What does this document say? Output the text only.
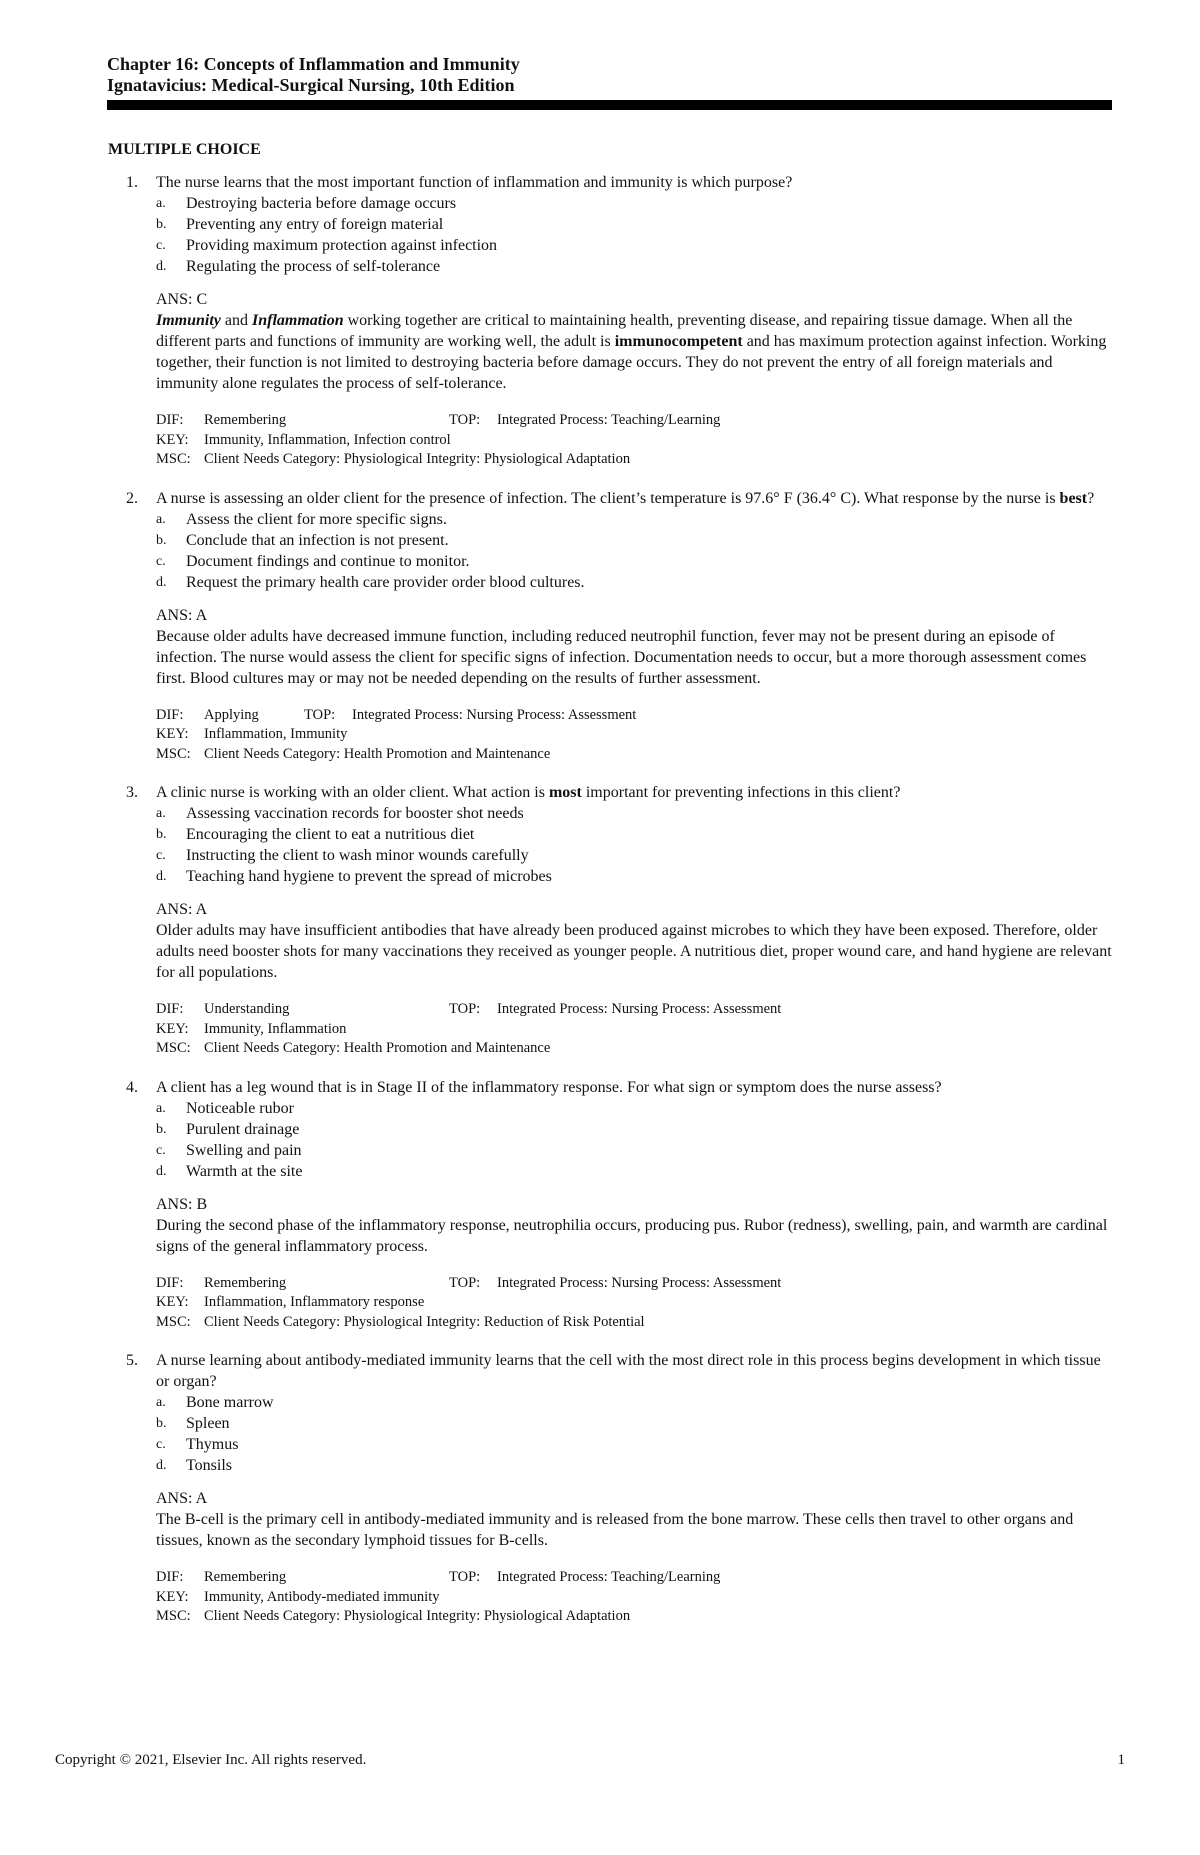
Chapter 16: Concepts of Inflammation and Immunity
Ignatavicius: Medical-Surgical Nursing, 10th Edition
MULTIPLE CHOICE
1. The nurse learns that the most important function of inflammation and immunity is which purpose?
a. Destroying bacteria before damage occurs
b. Preventing any entry of foreign material
c. Providing maximum protection against infection
d. Regulating the process of self-tolerance
ANS: C
Immunity and Inflammation working together are critical to maintaining health, preventing disease, and repairing tissue damage. When all the different parts and functions of immunity are working well, the adult is immunocompetent and has maximum protection against infection. Working together, their function is not limited to destroying bacteria before damage occurs. They do not prevent the entry of all foreign materials and immunity alone regulates the process of self-tolerance.
DIF: Remembering	TOP: Integrated Process: Teaching/Learning
KEY: Immunity, Inflammation, Infection control
MSC: Client Needs Category: Physiological Integrity: Physiological Adaptation
2. A nurse is assessing an older client for the presence of infection. The client’s temperature is 97.6° F (36.4° C). What response by the nurse is best?
a. Assess the client for more specific signs.
b. Conclude that an infection is not present.
c. Document findings and continue to monitor.
d. Request the primary health care provider order blood cultures.
ANS: A
Because older adults have decreased immune function, including reduced neutrophil function, fever may not be present during an episode of infection. The nurse would assess the client for specific signs of infection. Documentation needs to occur, but a more thorough assessment comes first. Blood cultures may or may not be needed depending on the results of further assessment.
DIF: Applying	TOP: Integrated Process: Nursing Process: Assessment
KEY: Inflammation, Immunity
MSC: Client Needs Category: Health Promotion and Maintenance
3. A clinic nurse is working with an older client. What action is most important for preventing infections in this client?
a. Assessing vaccination records for booster shot needs
b. Encouraging the client to eat a nutritious diet
c. Instructing the client to wash minor wounds carefully
d. Teaching hand hygiene to prevent the spread of microbes
ANS: A
Older adults may have insufficient antibodies that have already been produced against microbes to which they have been exposed. Therefore, older adults need booster shots for many vaccinations they received as younger people. A nutritious diet, proper wound care, and hand hygiene are relevant for all populations.
DIF: Understanding	TOP: Integrated Process: Nursing Process: Assessment
KEY: Immunity, Inflammation
MSC: Client Needs Category: Health Promotion and Maintenance
4. A client has a leg wound that is in Stage II of the inflammatory response. For what sign or symptom does the nurse assess?
a. Noticeable rubor
b. Purulent drainage
c. Swelling and pain
d. Warmth at the site
ANS: B
During the second phase of the inflammatory response, neutrophilia occurs, producing pus. Rubor (redness), swelling, pain, and warmth are cardinal signs of the general inflammatory process.
DIF: Remembering	TOP: Integrated Process: Nursing Process: Assessment
KEY: Inflammation, Inflammatory response
MSC: Client Needs Category: Physiological Integrity: Reduction of Risk Potential
5. A nurse learning about antibody-mediated immunity learns that the cell with the most direct role in this process begins development in which tissue or organ?
a. Bone marrow
b. Spleen
c. Thymus
d. Tonsils
ANS: A
The B-cell is the primary cell in antibody-mediated immunity and is released from the bone marrow. These cells then travel to other organs and tissues, known as the secondary lymphoid tissues for B-cells.
DIF: Remembering	TOP: Integrated Process: Teaching/Learning
KEY: Immunity, Antibody-mediated immunity
MSC: Client Needs Category: Physiological Integrity: Physiological Adaptation
Copyright © 2021, Elsevier Inc. All rights reserved.	1
